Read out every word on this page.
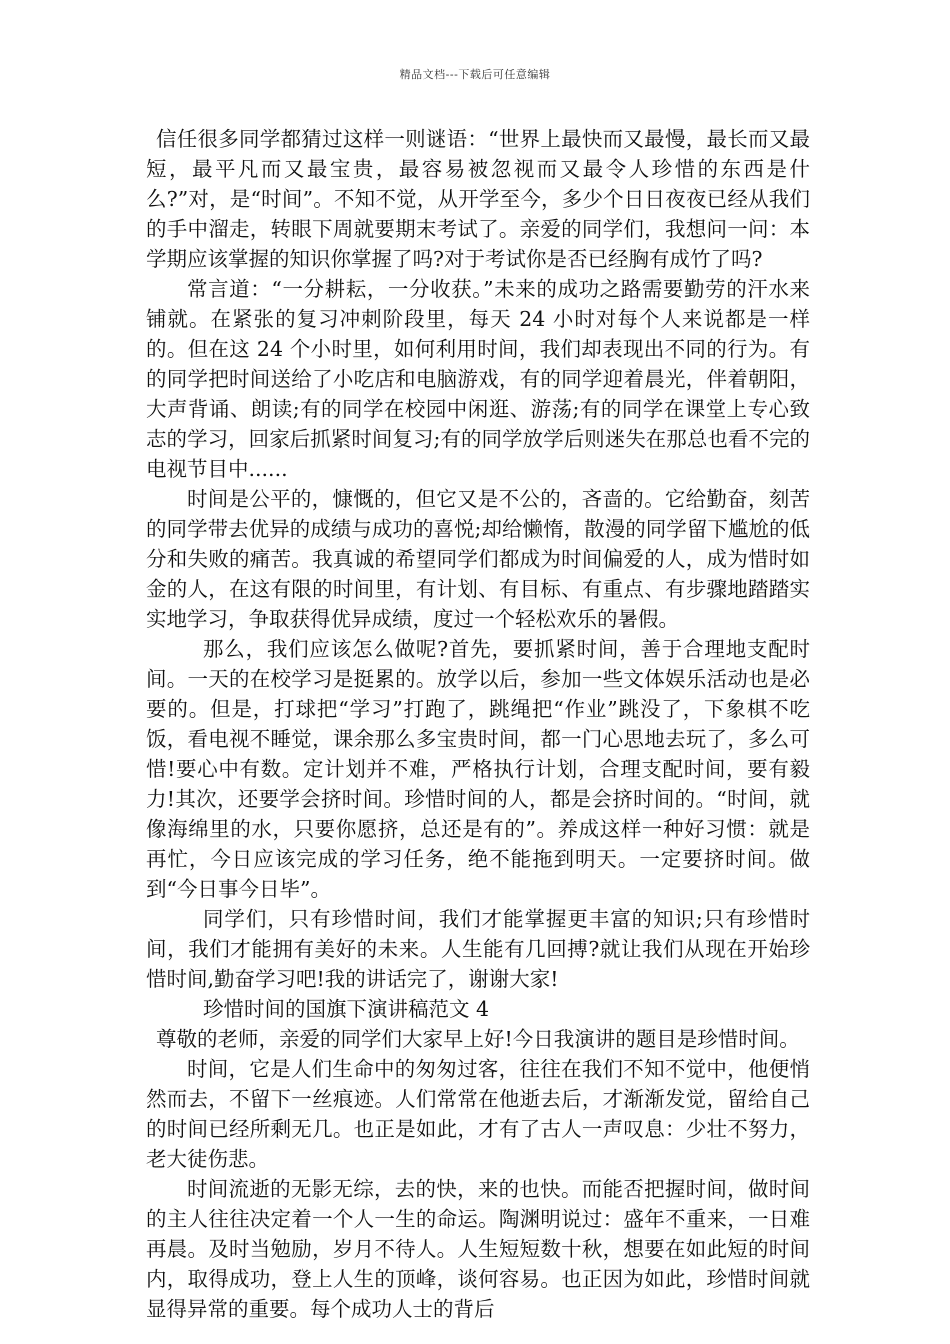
精品文档---下载后可任意编辑

信任很多同学都猜过这样一则谜语：“世界上最快而又最慢，最长而又最短，最平凡而又最宝贵，最容易被忽视而又最令人珍惜的东西是什么?”对，是“时间”。不知不觉，从开学至今，多少个日日夜夜已经从我们的手中溜走，转眼下周就要期末考试了。亲爱的同学们，我想问一问：本学期应该掌握的知识你掌握了吗?对于考试你是否已经胸有成竹了吗?

常言道：“一分耕耘，一分收获。”未来的成功之路需要勤劳的汗水来铺就。在紧张的复习冲刺阶段里，每天 24 小时对每个人来说都是一样的。但在这 24 个小时里，如何利用时间，我们却表现出不同的行为。有的同学把时间送给了小吃店和电脑游戏，有的同学迎着晨光，伴着朝阳，大声背诵、朗读;有的同学在校园中闲逛、游荡;有的同学在课堂上专心致志的学习，回家后抓紧时间复习;有的同学放学后则迷失在那总也看不完的电视节目中......

时间是公平的，慷慨的，但它又是不公的，吝啬的。它给勤奋，刻苦的同学带去优异的成绩与成功的喜悦;却给懒惰，散漫的同学留下尴尬的低分和失败的痛苦。我真诚的希望同学们都成为时间偏爱的人，成为惜时如金的人，在这有限的时间里，有计划、有目标、有重点、有步骤地踏踏实实地学习，争取获得优异成绩，度过一个轻松欢乐的暑假。

那么，我们应该怎么做呢?首先，要抓紧时间，善于合理地支配时间。一天的在校学习是挺累的。放学以后，参加一些文体娱乐活动也是必要的。但是，打球把“学习”打跑了，跳绳把“作业”跳没了，下象棋不吃饭，看电视不睡觉，课余那么多宝贵时间，都一门心思地去玩了，多么可惜!要心中有数。定计划并不难，严格执行计划，合理支配时间，要有毅力!其次，还要学会挤时间。珍惜时间的人，都是会挤时间的。“时间，就像海绵里的水，只要你愿挤，总还是有的”。养成这样一种好习惯：就是再忙，今日应该完成的学习任务，绝不能拖到明天。一定要挤时间。做到“今日事今日毕”。

同学们，只有珍惜时间，我们才能掌握更丰富的知识;只有珍惜时间，我们才能拥有美好的未来。人生能有几回搏?就让我们从现在开始珍惜时间,勤奋学习吧!我的讲话完了，谢谢大家!

珍惜时间的国旗下演讲稿范文 4

尊敬的老师，亲爱的同学们大家早上好!今日我演讲的题目是珍惜时间。

时间，它是人们生命中的匆匆过客，往往在我们不知不觉中，他便悄然而去，不留下一丝痕迹。人们常常在他逝去后，才渐渐发觉，留给自己的时间已经所剩无几。也正是如此，才有了古人一声叹息：少壮不努力，老大徒伤悲。

时间流逝的无影无综，去的快，来的也快。而能否把握时间，做时间的主人往往决定着一个人一生的命运。陶渊明说过：盛年不重来，一日难再晨。及时当勉励，岁月不待人。人生短短数十秋，想要在如此短的时间内，取得成功，登上人生的顶峰，谈何容易。也正因为如此，珍惜时间就显得异常的重要。每个成功人士的背后
